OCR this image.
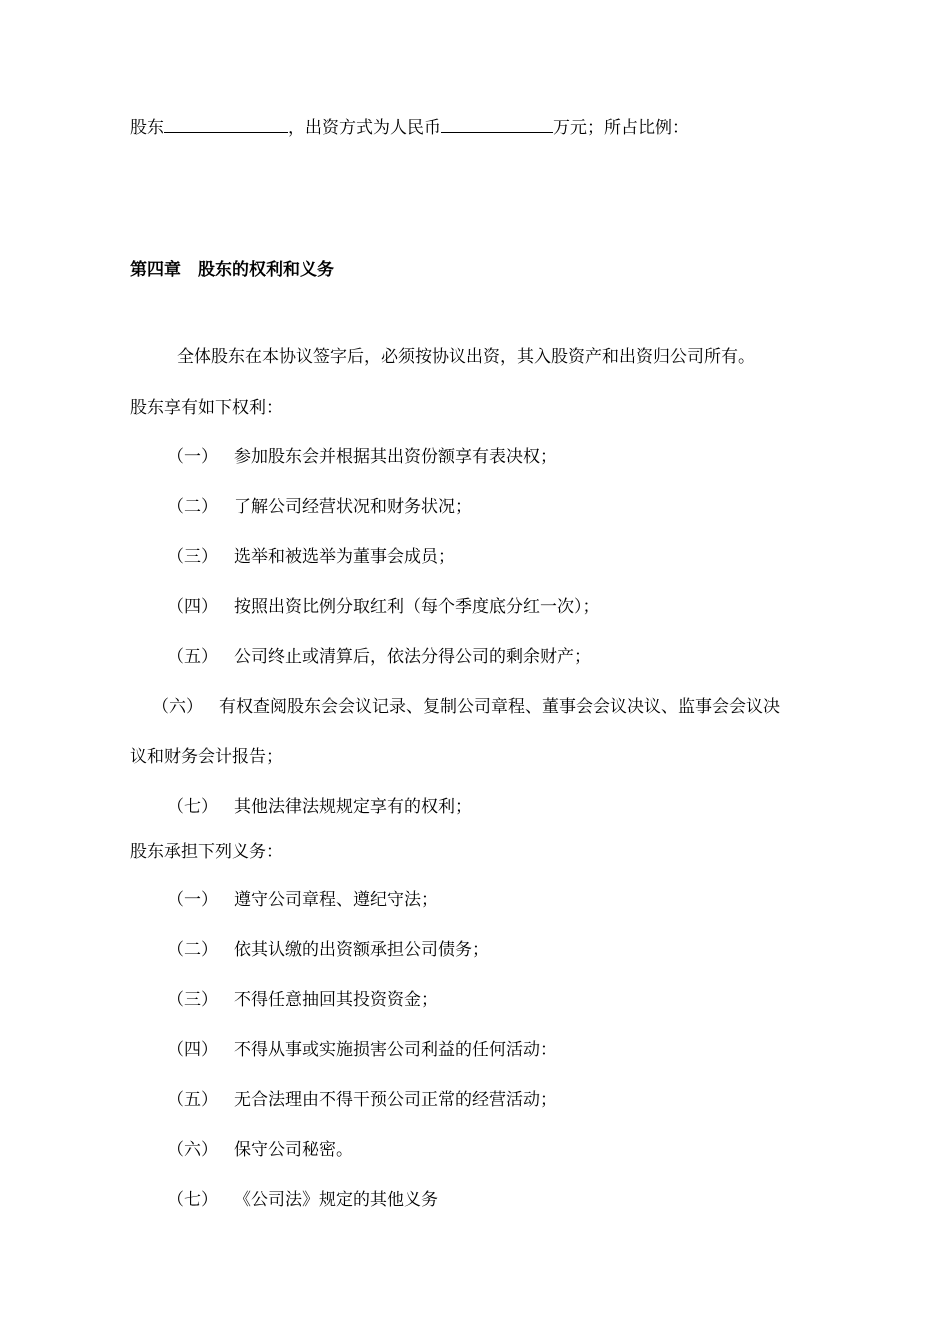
股东	，出资方式为人民币	万元；所占比例：
第四章　股东的权利和义务
全体股东在本协议签字后，必须按协议出资，其入股资产和出资归公司所有。
股东享有如下权利：
（一） 参加股东会并根据其出资份额享有表决权；
（二） 了解公司经营状况和财务状况；
（三） 选举和被选举为董事会成员；
（四） 按照出资比例分取红利（每个季度底分红一次）；
（五） 公司终止或清算后，依法分得公司的剩余财产；
（六） 有权查阅股东会会议记录、复制公司章程、董事会会议决议、监事会会议决
议和财务会计报告；
（七） 其他法律法规规定享有的权利；
股东承担下列义务：
（一） 遵守公司章程、遵纪守法；
（二） 依其认缴的出资额承担公司债务；
（三） 不得任意抽回其投资资金；
（四） 不得从事或实施损害公司利益的任何活动：
（五） 无合法理由不得干预公司正常的经营活动；
（六） 保守公司秘密。
（七） 《公司法》规定的其他义务
